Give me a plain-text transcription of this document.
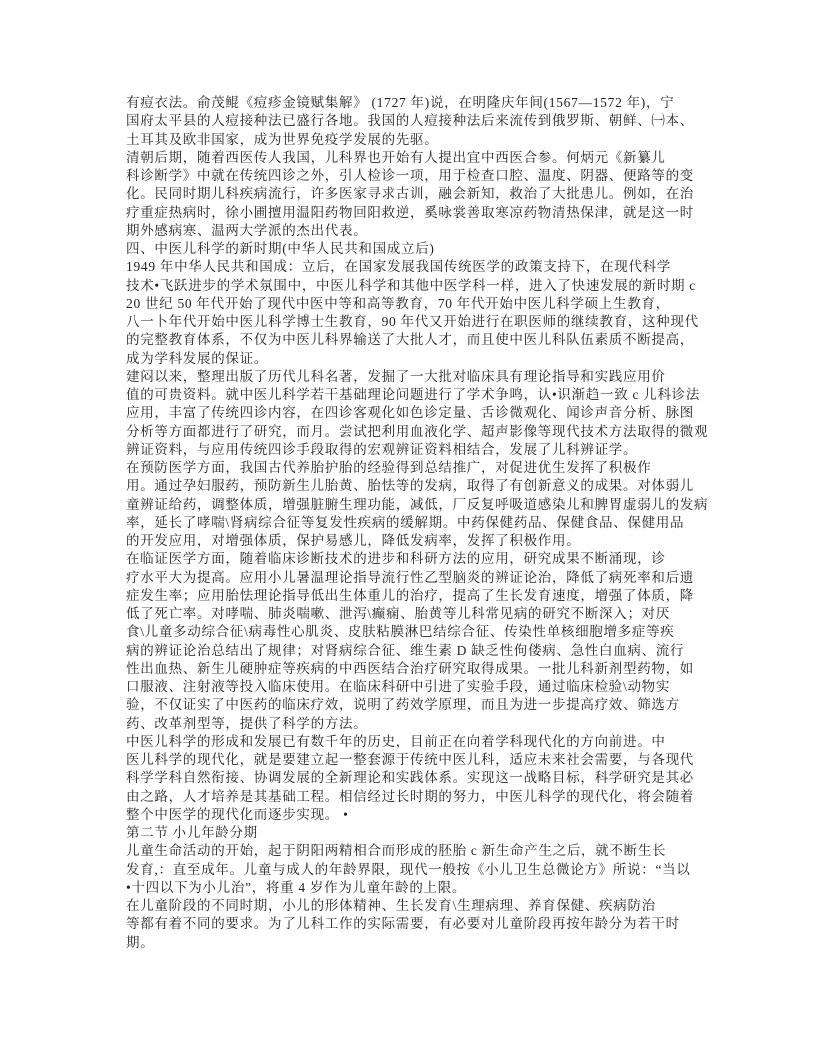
有痘衣法。俞茂鲲《痘疹金镜赋集解》 (1727 年)说，在明隆庆年间(1567—1572 年)，宁
国府太平县的人痘接种法已盛行各地。我国的人痘接种法后来流传到俄罗斯、朝鲜、㈠本、
土耳其及欧非国家，成为世界免疫学发展的先驱。
清朝后期，随着西医传人我国，儿科界也开始有人提出宜中西医合参。何炳元《新纂儿
科诊断学》中就在传统四诊之外，引人检诊一项，用于检查口腔、温度、阴器、便路等的变
化。民同时期儿科疾病流行，许多医家寻求古训，融会新知，救治了大批患儿。例如，在治
疗重症热病时，徐小圃擅用温阳药物回阳救逆，奚咏裳善取寒凉药物清热保津，就是这一时
期外感病寒、温两大学派的杰出代表。
四、中医儿科学的新时期(中华人民共和国成立后)
1949 年中华人民共和国成：立后，在国家发展我国传统医学的政策支持下，在现代科学
技术•飞跃进步的学术氛围中，中医儿科学和其他中医学科一样，进入了快速发展的新时期 c
20 世纪 50 年代开始了现代中医中等和高等教育，70 年代开始中医儿科学硕上生教育，
八一卜年代开始中医儿科学博士生教育，90 年代又开始进行在职医师的继续教育，这种现代
的完整教育体系，不仅为中医儿科界输送了大批人才，而且使中医儿科队伍素质不断提高，
成为学科发展的保证。
建闷以来，整理出版了历代儿科名著，发掘了一大批对临床具有理论指导和实践应用价
值的可贵资料。就中医儿科学若干基础理论问题进行了学术争鸣，认•识渐趋一致 c 儿科诊法
应用，丰富了传统四诊内容，在四诊客观化如色诊定量、舌诊微观化、闻诊声音分析、脉图
分析等方面都进行了研究，而月。尝试把利用血液化学、超声影像等现代技术方法取得的微观
辨证资料，与应用传统四诊手段取得的宏观辨证资料相结合，发展了儿科辨证学。
在预防医学方面，我国古代养胎护胎的经验得到总结推广，对促进优生发挥了积极作
用。通过孕妇服药，预防新生儿胎黄、胎怯等的发病，取得了有创新意义的成果。对体弱儿
童辨证给药，调整体质，增强脏腑生理功能，减低，厂反复呼吸道感染儿和脾胃虚弱儿的发病
率，延长了哮喘\肾病综合征等复发性疾病的缓解期。中药保健药品、保健食品、保健用品
的开发应用，对增强体质，保护易感儿，降低发病率，发挥了积极作用。
在临证医学方面，随着临床诊断技术的进步和科研方法的应用，研究成果不断涌现，诊
疗水平大为提高。应用小儿暑温理论指导流行性乙型脑炎的辨证论治，降低了病死率和后遗
症发生率；应用胎怯理论指导低出生体重儿的治疗，提高了生长发育速度，增强了体质，降
低了死亡率。对哮喘、肺炎喘嗽、泄泻\癫痫、胎黄等儿科常见病的研究不断深入；对厌
食\儿童多动综合征\病毒性心肌炎、皮肤粘膜淋巴结综合征、传染性单核细胞增多症等疾
病的辨证论治总结出了规律；对肾病综合征、维生素 D 缺乏性佝偻病、急性白血病、流行
性出血热、新生儿硬肿症等疾病的中西医结合治疗研究取得成果。一批儿科新剂型药物，如
口服液、注射液等投入临床使用。在临床科研中引进了实验手段，通过临床检验\动物实
验，不仅证实了中医药的临床疗效，说明了药效学原理，而且为进一步提高疗效、筛选方
药、改革剂型等，提供了科学的方法。
中医儿科学的形成和发展已有数千年的历史，目前正在向着学科现代化的方向前进。中
医儿科学的现代化，就是要建立起一整套源于传统中医儿科，适应未来社会需要，与各现代
科学学科自然衔接、协调发展的全新理论和实践体系。实现这一战略目标，科学研究是其必
由之路，人才培养是其基础工程。相信经过长时期的努力，中医儿科学的现代化，将会随着
整个中医学的现代化而逐步实现。 •
第二节 小儿年龄分期
儿童生命活动的开始，起于阴阳两精相合而形成的胚胎 c 新生命产生之后，就不断生长
发育,：直至成年。儿童与成人的年龄界限，现代一般按《小儿卫生总微论方》所说：“当以
•十四以下为小儿治”，将重 4 岁作为儿童年龄的上限。
在儿童阶段的不同时期，小儿的形体精神、生长发育\生理病理、养育保健、疾病防治
等都有着不同的要求。为了儿科工作的实际需要，有必要对儿童阶段再按年龄分为若干时
期。
